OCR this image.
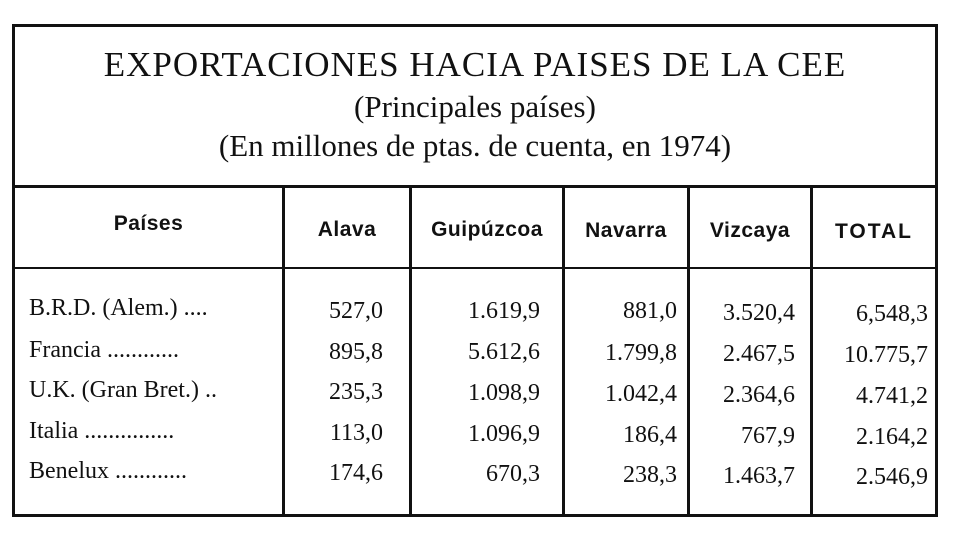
EXPORTACIONES HACIA PAISES DE LA CEE
(Principales países)
(En millones de ptas. de cuenta, en 1974)
Países	Alava	Guipúzcoa	Navarra	Vizcaya	TOTAL
B.R.D. (Alem.) ....	527,0	1.619,9	881,0	3.520,4	6,548,3
Francia ............	895,8	5.612,6	1.799,8	2.467,5	10.775,7
U.K. (Gran Bret.) ..	235,3	1.098,9	1.042,4	2.364,6	4.741,2
Italia ...............	113,0	1.096,9	186,4	767,9	2.164,2
Benelux ............	174,6	670,3	238,3	1.463,7	2.546,9
